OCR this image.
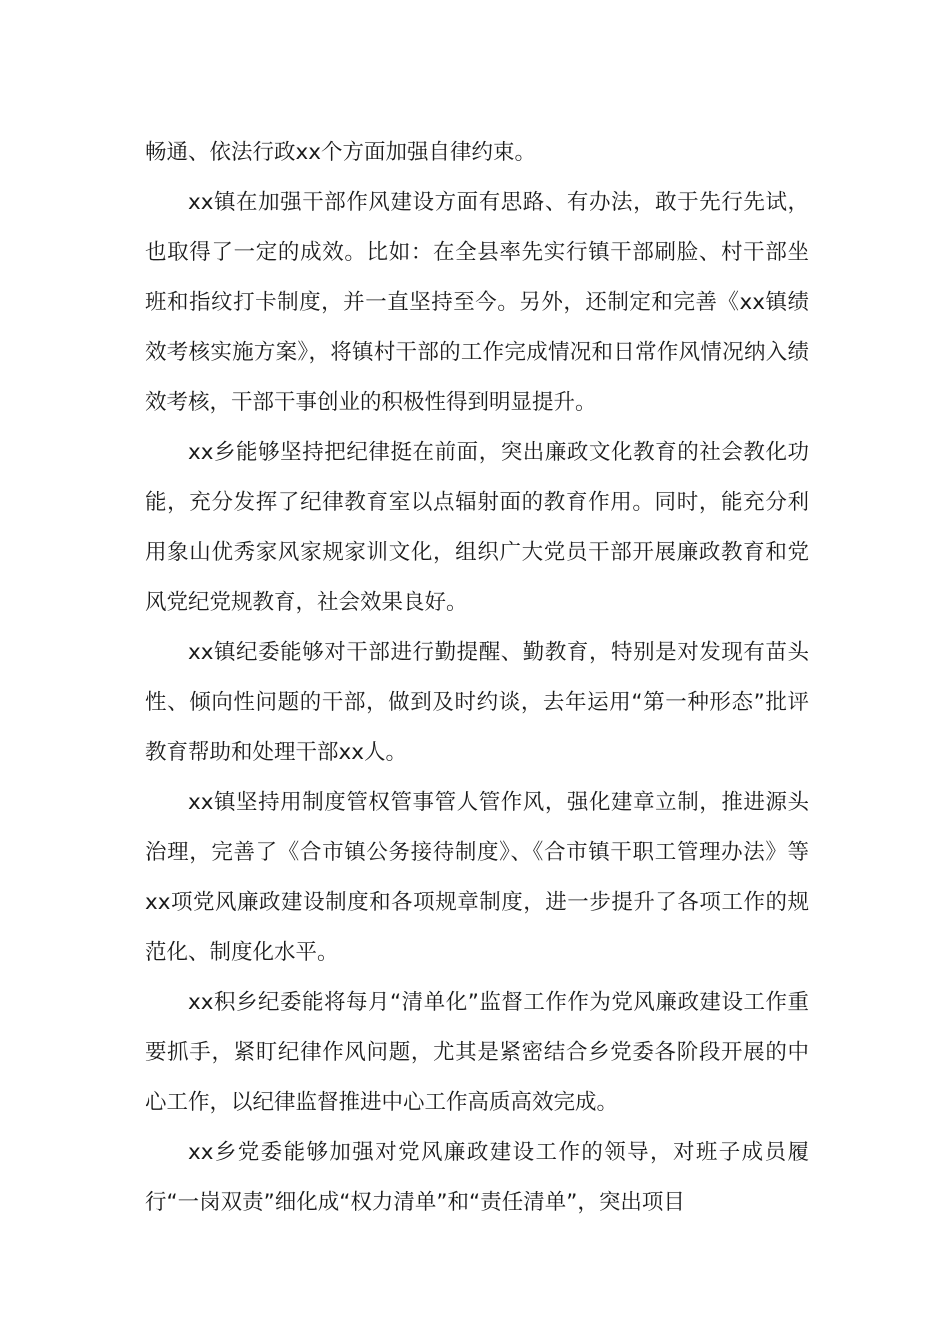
畅通、依法行政xx个方面加强自律约束。

xx镇在加强干部作风建设方面有思路、有办法，敢于先行先试，也取得了一定的成效。比如：在全县率先实行镇干部刷脸、村干部坐班和指纹打卡制度，并一直坚持至今。另外，还制定和完善《xx镇绩效考核实施方案》，将镇村干部的工作完成情况和日常作风情况纳入绩效考核，干部干事创业的积极性得到明显提升。

xx乡能够坚持把纪律挺在前面，突出廉政文化教育的社会教化功能，充分发挥了纪律教育室以点辐射面的教育作用。同时，能充分利用象山优秀家风家规家训文化，组织广大党员干部开展廉政教育和党风党纪党规教育，社会效果良好。

xx镇纪委能够对干部进行勤提醒、勤教育，特别是对发现有苗头性、倾向性问题的干部，做到及时约谈，去年运用“第一种形态”批评教育帮助和处理干部xx人。

xx镇坚持用制度管权管事管人管作风，强化建章立制，推进源头治理，完善了《合市镇公务接待制度》、《合市镇干职工管理办法》等xx项党风廉政建设制度和各项规章制度，进一步提升了各项工作的规范化、制度化水平。

xx积乡纪委能将每月“清单化”监督工作作为党风廉政建设工作重要抓手，紧盯纪律作风问题，尤其是紧密结合乡党委各阶段开展的中心工作，以纪律监督推进中心工作高质高效完成。

xx乡党委能够加强对党风廉政建设工作的领导，对班子成员履行“一岗双责”细化成“权力清单”和“责任清单”，突出项目
